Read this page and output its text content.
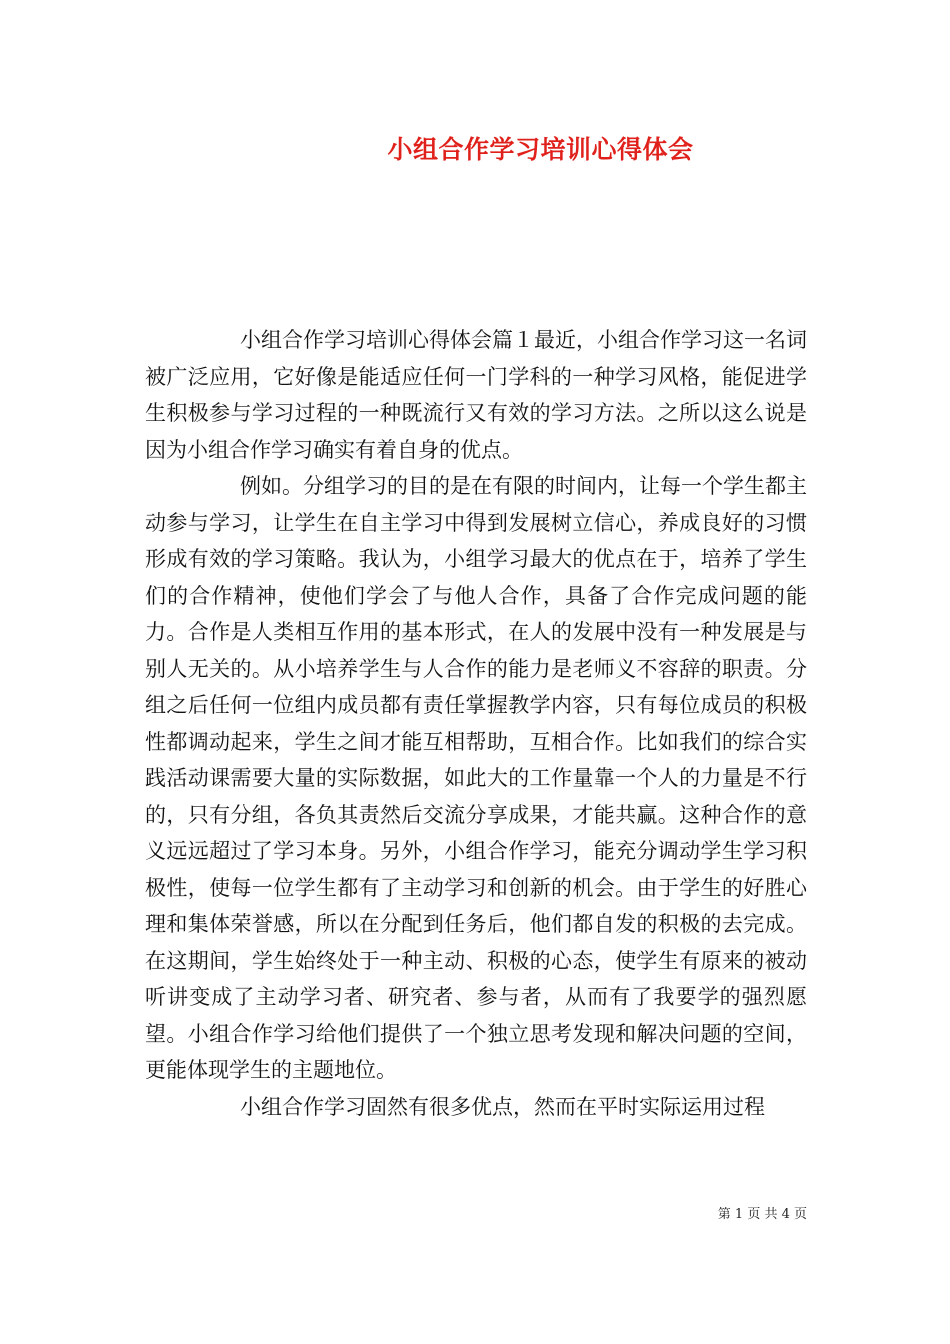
小组合作学习培训心得体会

小组合作学习培训心得体会篇１最近，小组合作学习这一名词被广泛应用，它好像是能适应任何一门学科的一种学习风格，能促进学生积极参与学习过程的一种既流行又有效的学习方法。之所以这么说是因为小组合作学习确实有着自身的优点。

例如。分组学习的目的是在有限的时间内，让每一个学生都主动参与学习，让学生在自主学习中得到发展树立信心，养成良好的习惯形成有效的学习策略。我认为，小组学习最大的优点在于，培养了学生们的合作精神，使他们学会了与他人合作，具备了合作完成问题的能力。合作是人类相互作用的基本形式，在人的发展中没有一种发展是与别人无关的。从小培养学生与人合作的能力是老师义不容辞的职责。分组之后任何一位组内成员都有责任掌握教学内容，只有每位成员的积极性都调动起来，学生之间才能互相帮助，互相合作。比如我们的综合实践活动课需要大量的实际数据，如此大的工作量靠一个人的力量是不行的，只有分组，各负其责然后交流分享成果，才能共赢。这种合作的意义远远超过了学习本身。另外，小组合作学习，能充分调动学生学习积极性，使每一位学生都有了主动学习和创新的机会。由于学生的好胜心理和集体荣誉感，所以在分配到任务后，他们都自发的积极的去完成。在这期间，学生始终处于一种主动、积极的心态，使学生有原来的被动听讲变成了主动学习者、研究者、参与者，从而有了我要学的强烈愿望。小组合作学习给他们提供了一个独立思考发现和解决问题的空间，更能体现学生的主题地位。

小组合作学习固然有很多优点，然而在平时实际运用过程

第 1 页 共 4 页
